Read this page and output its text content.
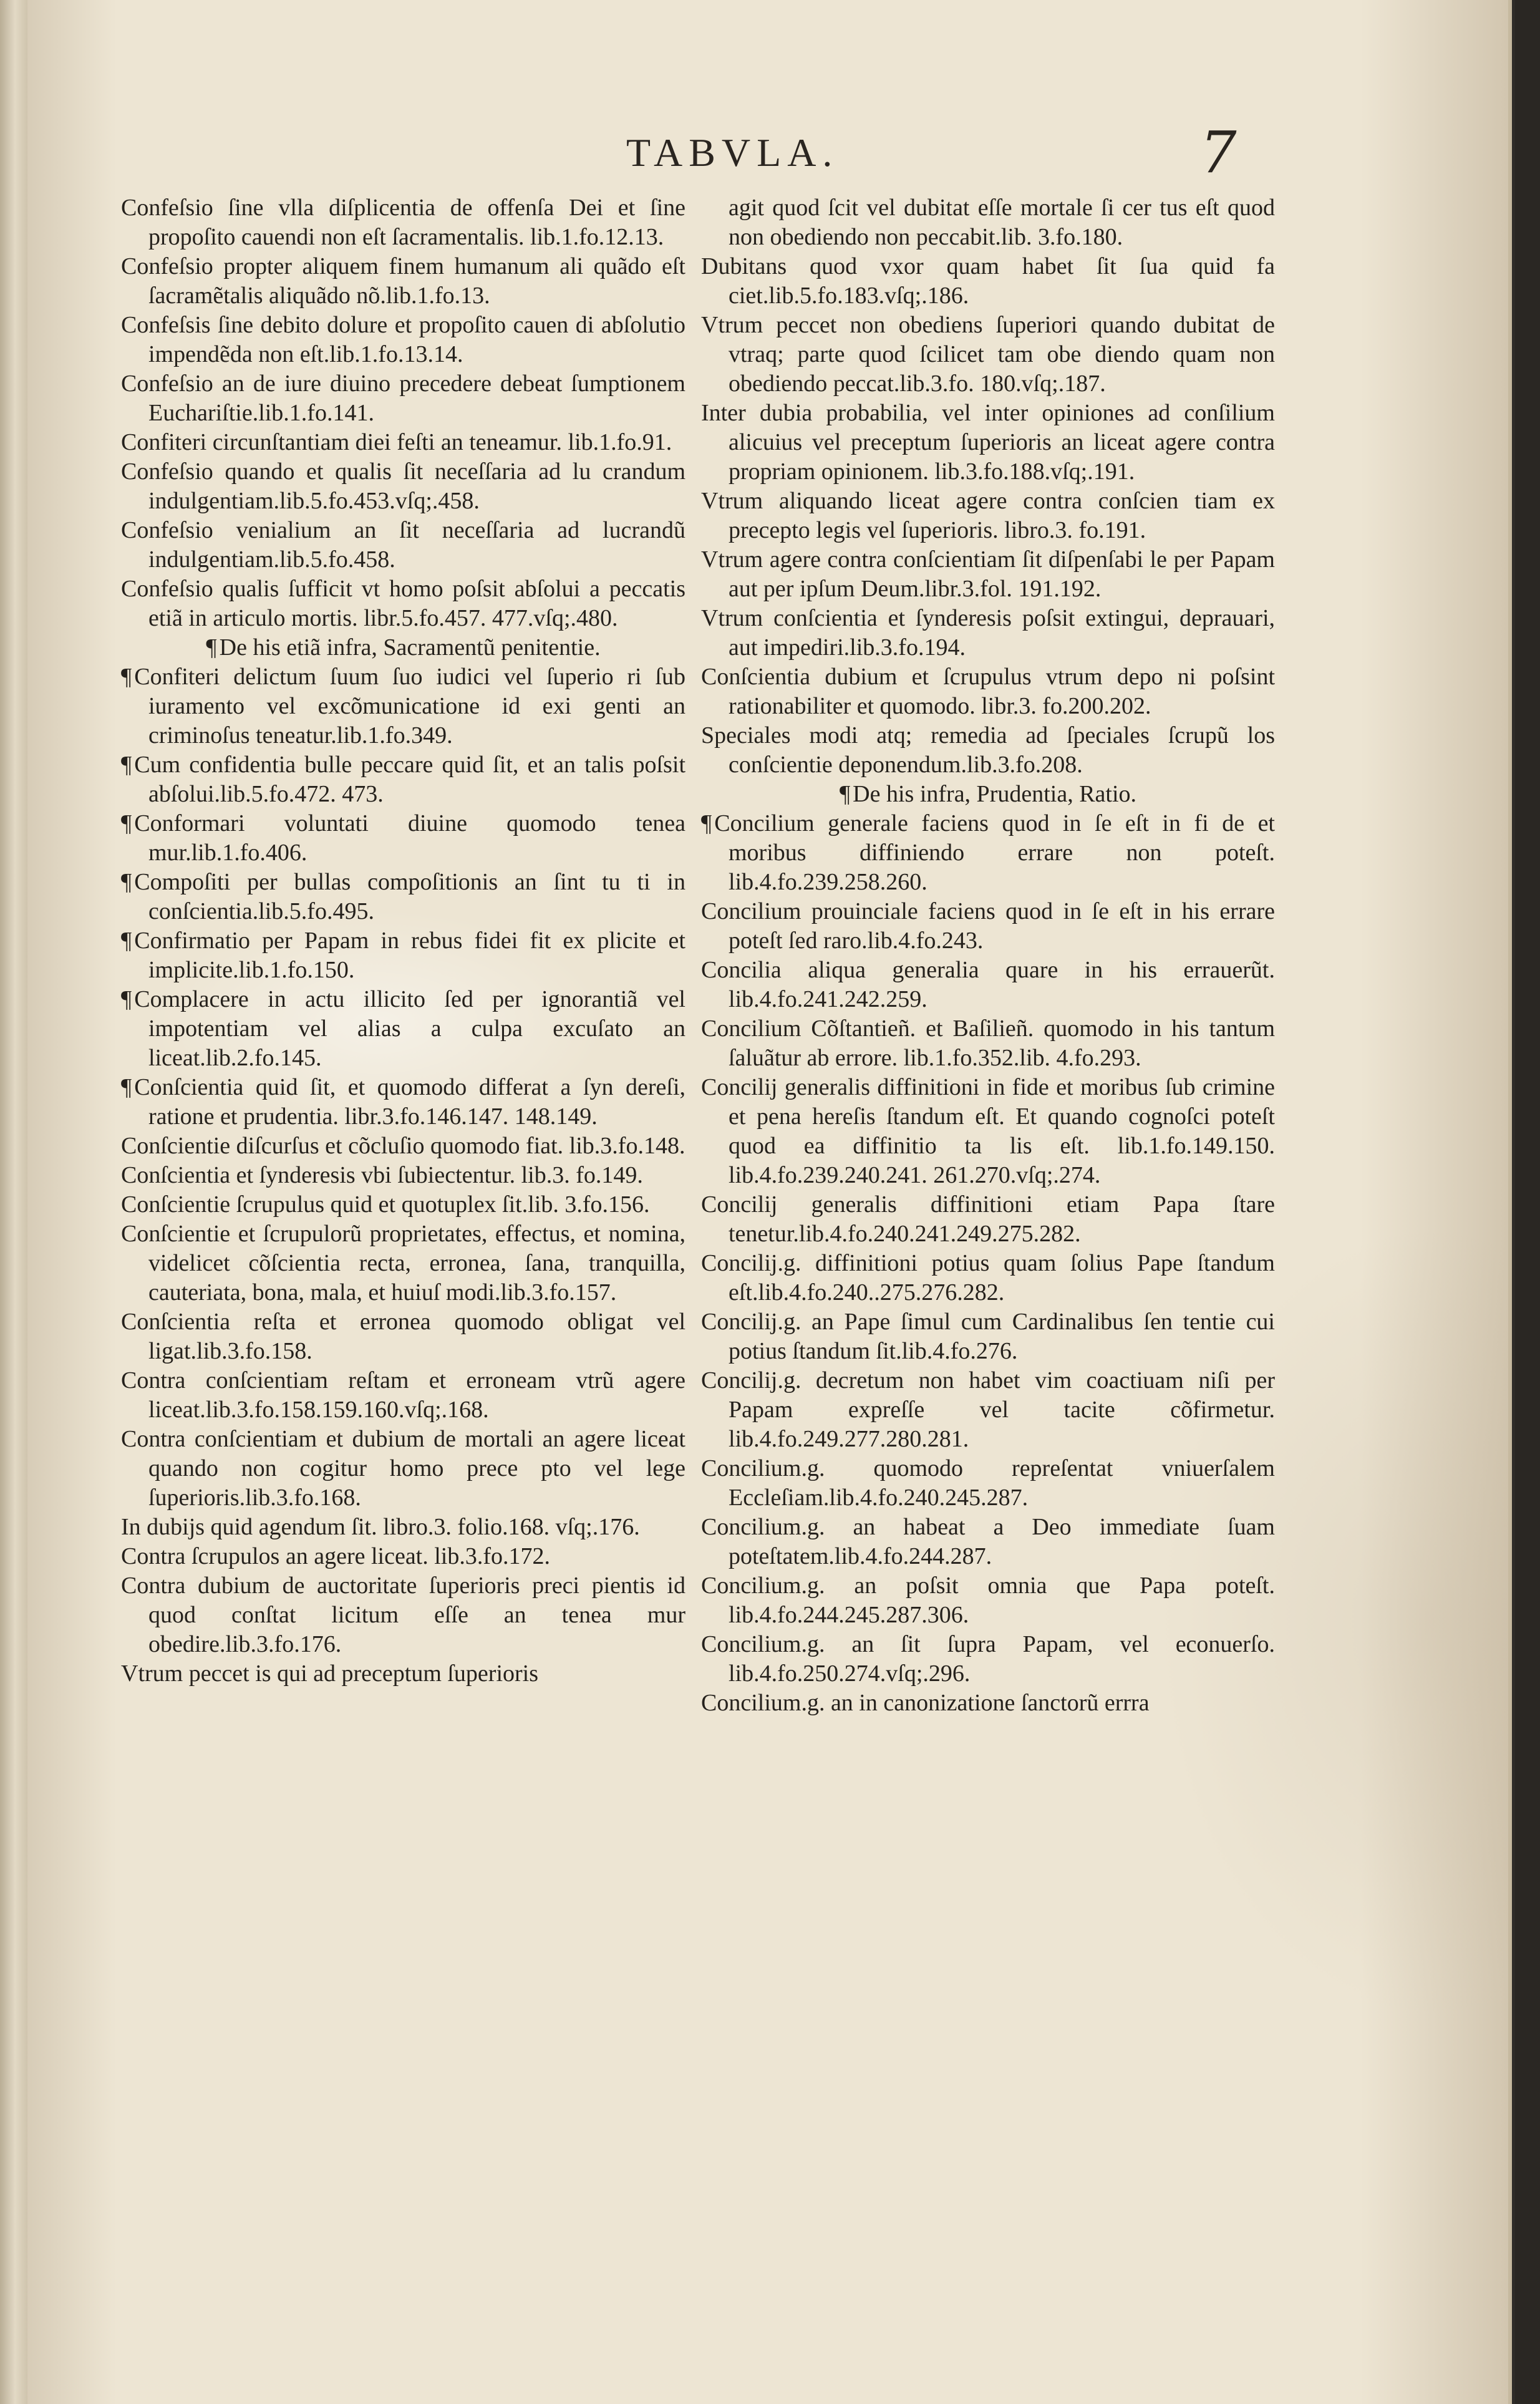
TABVLA.	7

Confeſsio ſine vlla diſplicentia de offenſa Dei et ſine propoſito cauendi non eſt ſacramentalis. lib.1.fo.12.13.

Confeſsio propter aliquem finem humanum ali quãdo eſt ſacramẽtalis aliquãdo nõ.lib.1.fo.13.

Confeſsis ſine debito dolure et propoſito cauen di abſolutio impendẽda non eſt.lib.1.fo.13.14.

Confeſsio an de iure diuino precedere debeat ſumptionem Euchariſtie.lib.1.fo.141.

Confiteri circunſtantiam diei feſti an teneamur. lib.1.fo.91.

Confeſsio quando et qualis ſit neceſſaria ad lu crandum indulgentiam.lib.5.fo.453.vſq;.458.

Confeſsio venialium an ſit neceſſaria ad lucrandũ indulgentiam.lib.5.fo.458.

Confeſsio qualis ſufficit vt homo poſsit abſolui a peccatis etiã in articulo mortis. libr.5.fo.457. 477.vſq;.480.

¶ De his etiã infra, Sacramentũ penitentie.

¶ Confiteri delictum ſuum ſuo iudici vel ſuperio ri ſub iuramento vel excõmunicatione id exi genti an criminoſus teneatur.lib.1.fo.349.

¶ Cum confidentia bulle peccare quid ſit, et an talis poſsit abſolui.lib.5.fo.472. 473.

¶ Conformari voluntati diuine quomodo tenea mur.lib.1.fo.406.

¶ Compoſiti per bullas compoſitionis an ſint tu ti in conſcientia.lib.5.fo.495.

¶ Confirmatio per Papam in rebus fidei fit ex plicite et implicite.lib.1.fo.150.

¶ Complacere in actu illicito ſed per ignorantiã vel impotentiam vel alias a culpa excuſato an liceat.lib.2.fo.145.

¶ Conſcientia quid ſit, et quomodo differat a ſyn dereſi, ratione et prudentia. libr.3.fo.146.147. 148.149.

Conſcientie diſcurſus et cõcluſio quomodo fiat. lib.3.fo.148.

Conſcientia et ſynderesis vbi ſubiectentur. lib.3. fo.149.

Conſcientie ſcrupulus quid et quotuplex ſit.lib. 3.fo.156.

Conſcientie et ſcrupulorũ proprietates, effectus, et nomina, videlicet cõſcientia recta, erronea, ſana, tranquilla, cauteriata, bona, mala, et huiuſ modi.lib.3.fo.157.

Conſcientia reſta et erronea quomodo obligat vel ligat.lib.3.fo.158.

Contra conſcientiam reſtam et erroneam vtrũ agere liceat.lib.3.fo.158.159.160.vſq;.168.

Contra conſcientiam et dubium de mortali an agere liceat quando non cogitur homo prece pto vel lege ſuperioris.lib.3.fo.168.

In dubijs quid agendum ſit. libro.3. folio.168. vſq;.176.

Contra ſcrupulos an agere liceat. lib.3.fo.172.

Contra dubium de auctoritate ſuperioris preci pientis id quod conſtat licitum eſſe an tenea mur obedire.lib.3.fo.176.

Vtrum peccet is qui ad preceptum ſuperioris

agit quod ſcit vel dubitat eſſe mortale ſi cer tus eſt quod non obediendo non peccabit.lib. 3.fo.180.

Dubitans quod vxor quam habet ſit ſua quid fa ciet.lib.5.fo.183.vſq;.186.

Vtrum peccet non obediens ſuperiori quando dubitat de vtraq; parte quod ſcilicet tam obe diendo quam non obediendo peccat.lib.3.fo. 180.vſq;.187.

Inter dubia probabilia, vel inter opiniones ad conſilium alicuius vel preceptum ſuperioris an liceat agere contra propriam opinionem. lib.3.fo.188.vſq;.191.

Vtrum aliquando liceat agere contra conſcien tiam ex precepto legis vel ſuperioris. libro.3. fo.191.

Vtrum agere contra conſcientiam ſit diſpenſabi le per Papam aut per ipſum Deum.libr.3.fol. 191.192.

Vtrum conſcientia et ſynderesis poſsit extingui, deprauari, aut impediri.lib.3.fo.194.

Conſcientia dubium et ſcrupulus vtrum depo ni poſsint rationabiliter et quomodo. libr.3. fo.200.202.

Speciales modi atq; remedia ad ſpeciales ſcrupũ los conſcientie deponendum.lib.3.fo.208.

¶ De his infra, Prudentia, Ratio.

¶ Concilium generale faciens quod in ſe eſt in fi de et moribus diffiniendo errare non poteſt. lib.4.fo.239.258.260.

Concilium prouinciale faciens quod in ſe eſt in his errare poteſt ſed raro.lib.4.fo.243.

Concilia aliqua generalia quare in his errauerũt. lib.4.fo.241.242.259.

Concilium Cõſtantieñ. et Baſilieñ. quomodo in his tantum ſaluãtur ab errore. lib.1.fo.352.lib. 4.fo.293.

Concilij generalis diffinitioni in fide et moribus ſub crimine et pena hereſis ſtandum eſt. Et quando cognoſci poteſt quod ea diffinitio ta lis eſt. lib.1.fo.149.150. lib.4.fo.239.240.241. 261.270.vſq;.274.

Concilij generalis diffinitioni etiam Papa ſtare tenetur.lib.4.fo.240.241.249.275.282.

Concilij.g. diffinitioni potius quam ſolius Pape ſtandum eſt.lib.4.fo.240..275.276.282.

Concilij.g. an Pape ſimul cum Cardinalibus ſen tentie cui potius ſtandum ſit.lib.4.fo.276.

Concilij.g. decretum non habet vim coactiuam niſi per Papam expreſſe vel tacite cõfirmetur. lib.4.fo.249.277.280.281.

Concilium.g. quomodo repreſentat vniuerſalem Eccleſiam.lib.4.fo.240.245.287.

Concilium.g. an habeat a Deo immediate ſuam poteſtatem.lib.4.fo.244.287.

Concilium.g. an poſsit omnia que Papa poteſt. lib.4.fo.244.245.287.306.

Concilium.g. an ſit ſupra Papam, vel econuerſo. lib.4.fo.250.274.vſq;.296.

Concilium.g. an in canonizatione ſanctorũ errra
